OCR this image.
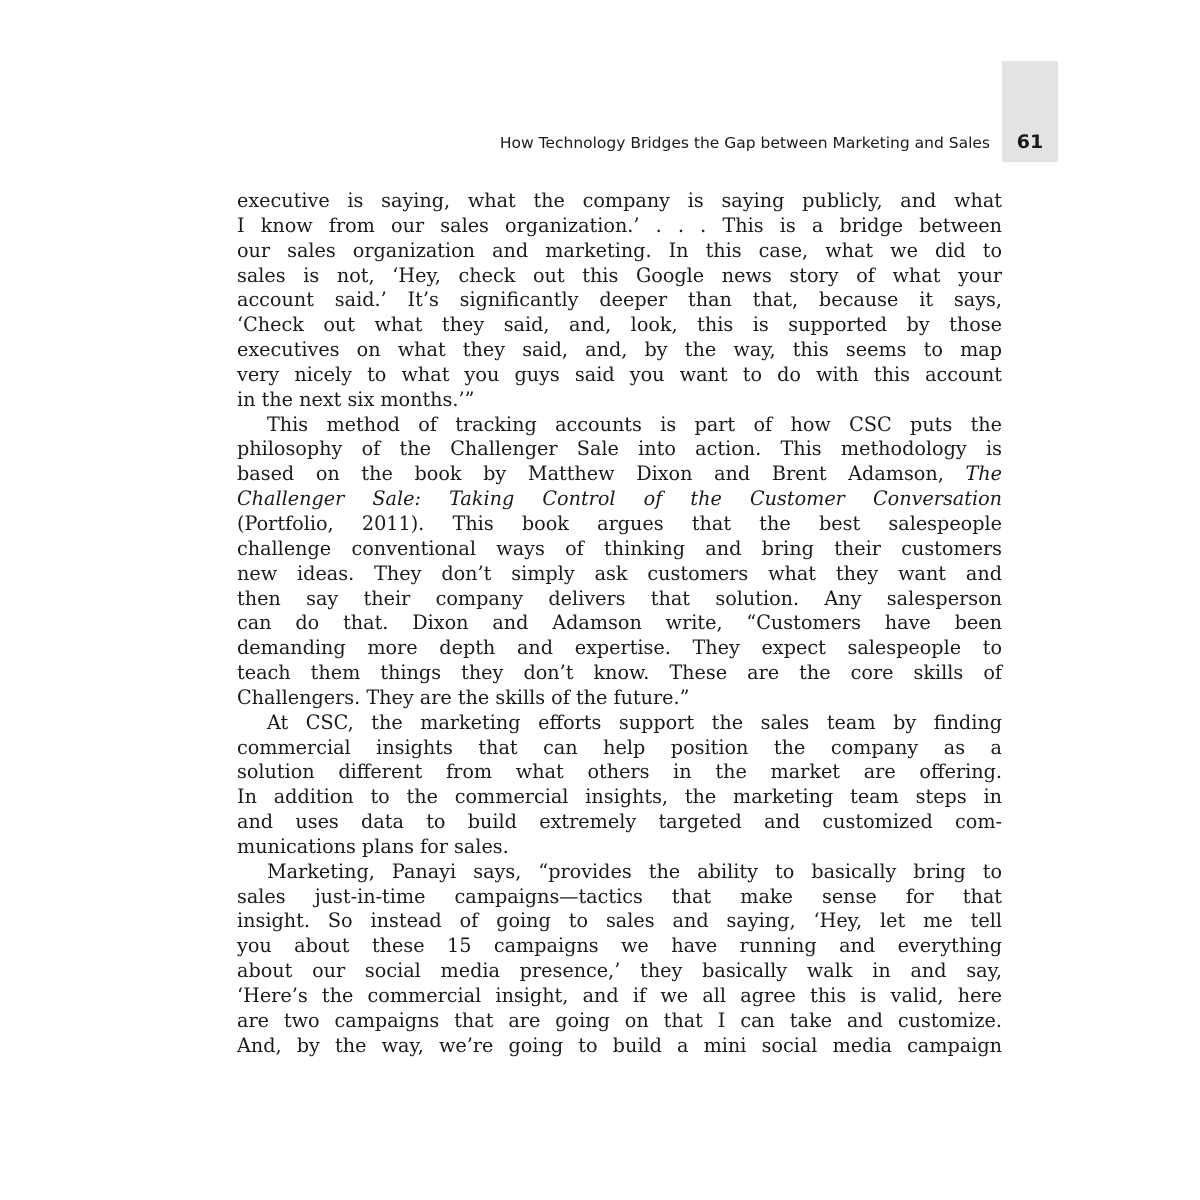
How Technology Bridges the Gap between Marketing and Sales	61
executive is saying, what the company is saying publicly, and what
I know from our sales organization.’ . . . This is a bridge between
our sales organization and marketing. In this case, what we did to
sales is not, ‘Hey, check out this Google news story of what your
account said.’ It’s significantly deeper than that, because it says,
‘Check out what they said, and, look, this is supported by those
executives on what they said, and, by the way, this seems to map
very nicely to what you guys said you want to do with this account
in the next six months.’”
This method of tracking accounts is part of how CSC puts the
philosophy of the Challenger Sale into action. This methodology is
based on the book by Matthew Dixon and Brent Adamson, The
Challenger Sale: Taking Control of the Customer Conversation
(Portfolio, 2011). This book argues that the best salespeople
challenge conventional ways of thinking and bring their customers
new ideas. They don’t simply ask customers what they want and
then say their company delivers that solution. Any salesperson
can do that. Dixon and Adamson write, “Customers have been
demanding more depth and expertise. They expect salespeople to
teach them things they don’t know. These are the core skills of
Challengers. They are the skills of the future.”
At CSC, the marketing efforts support the sales team by finding
commercial insights that can help position the company as a
solution different from what others in the market are offering.
In addition to the commercial insights, the marketing team steps in
and uses data to build extremely targeted and customized com-
munications plans for sales.
Marketing, Panayi says, “provides the ability to basically bring to
sales just-in-time campaigns—tactics that make sense for that
insight. So instead of going to sales and saying, ‘Hey, let me tell
you about these 15 campaigns we have running and everything
about our social media presence,’ they basically walk in and say,
‘Here’s the commercial insight, and if we all agree this is valid, here
are two campaigns that are going on that I can take and customize.
And, by the way, we’re going to build a mini social media campaign
